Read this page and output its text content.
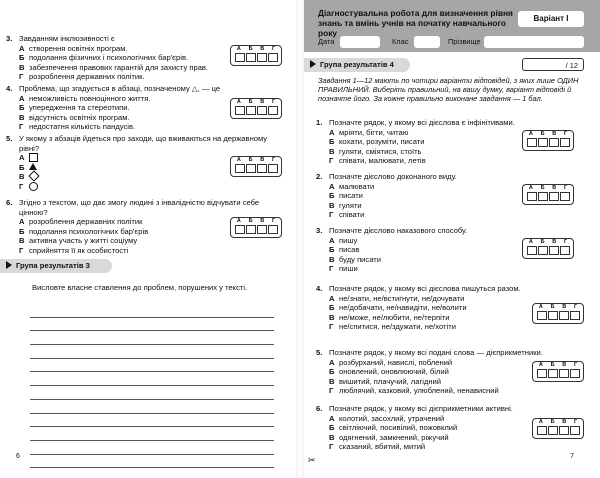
3. Завданням інклюзивності є
А створення освітніх програм.
Б подолання фізичних і психологічних бар'єрів.
В забезпечення правових гарантій для захисту прав.
Г розроблення державних політик.
А Б В Г
4. Проблема, що згадується в абзаці, позначеному △, — це
А неможливість повноцінного життя.
Б упередження та стереотипи.
В відсутність освітніх програм.
Г недостатня кількість пандусів.
А Б В Г
5. У якому з абзаців йдеться про заходи, що вживаються на державному рівні?
А
Б
В
Г
А Б В Г
6. Згідно з текстом, що дає змогу людині з інвалідністю відчувати себе цінною?
А розроблення державних політик
Б подолання психологічних бар'єрів
В активна участь у житті соціуму
Г сприйняття її як особистості
А Б В Г
Група результатів 3
Висловте власне ставлення до проблем, порушених у тексті.
6
Діагностувальна робота для визначення рівня знань та вмінь учнів на початку навчального року
Варіант І
Дата	Клас	Прізвище
Група результатів 4	/ 12
Завдання 1—12 мають по чотири варіанти відповідей, з яких лише ОДИН ПРАВИЛЬНИЙ. Виберіть правильний, на вашу думку, варіант відповіді й позначте його. За кожне правильно виконане завдання — 1 бал.
1. Позначте рядок, у якому всі дієслова є інфінітивами.
А мріяти, бігти, читаю
Б кохати, розуміти, писати
В гуляти, сміятися, стоїть
Г співати, малювати, летів
А Б В Г
2. Позначте дієслово доконаного виду.
А малювати
Б писати
В гуляти
Г співати
А Б В Г
3. Позначте дієслово наказового способу.
А пишу
Б писав
В буду писати
Г пиши
А Б В Г
4. Позначте рядок, у якому всі дієслова пишуться разом.
А не/знати, не/встигнути, не/дочувати
Б не/добачати, не/навидіти, не/волити
В не/може, не/любити, не/терпіти
Г не/спитися, не/здужати, не/хотіти
А Б В Г
5. Позначте рядок, у якому всі подані слова — дієприкметники.
А розбурханий, навислі, поблений
Б оновлений, оновлюючий, білий
В вишитий, плачучий, лагідний
Г люблячий, казковий, улюблений, ненависний
А Б В Г
6. Позначте рядок, у якому всі дієприкметники активні.
А колотий, засохлий, утрачений
Б світліючий, посивілий, пожовклий
В одягнений, замкнений, ріжучий
Г сказаний, вбитий, митий
А Б В Г
7
✂
